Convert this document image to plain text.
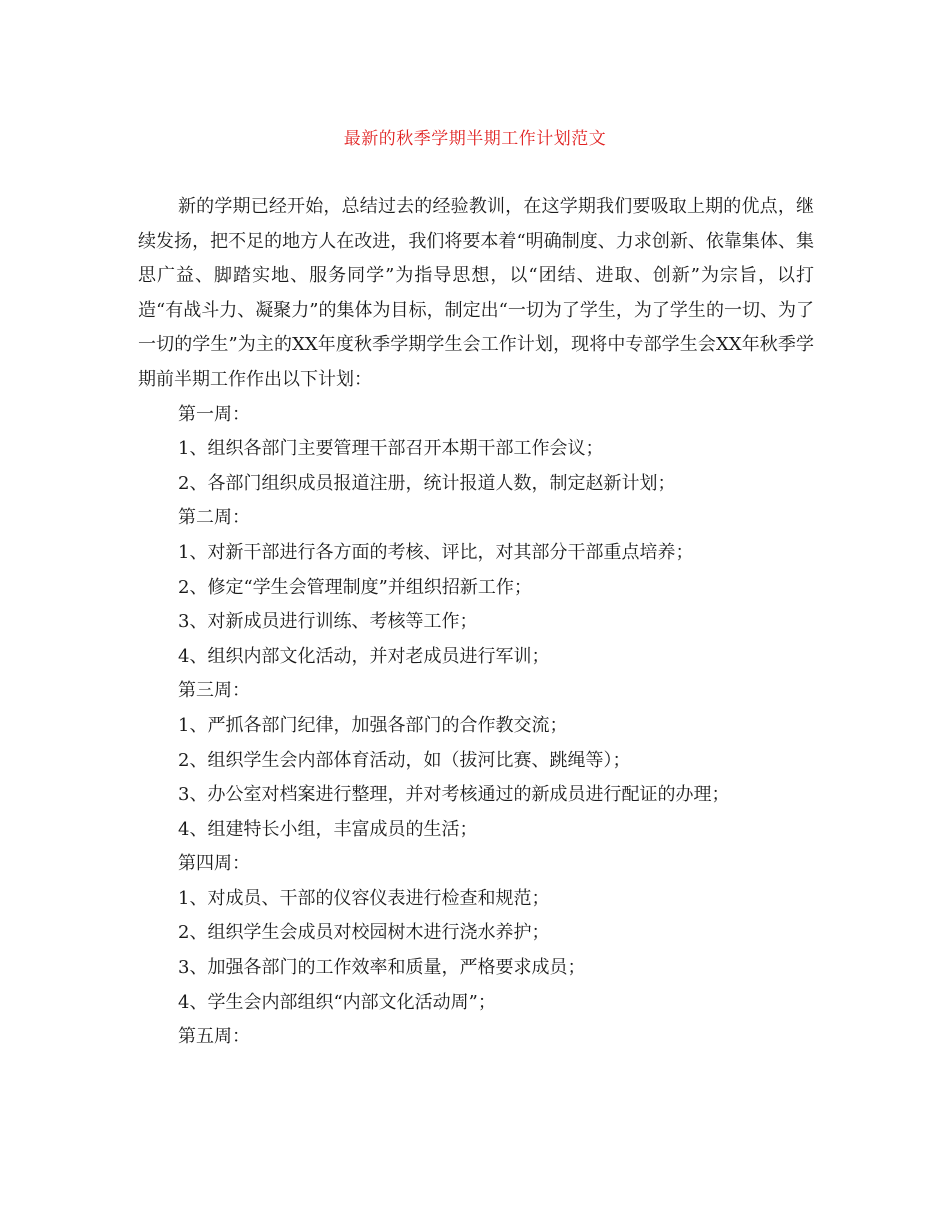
最新的秋季学期半期工作计划范文

新的学期已经开始，总结过去的经验教训，在这学期我们要吸取上期的优点，继续发扬，把不足的地方人在改进，我们将要本着“明确制度、力求创新、依靠集体、集思广益、脚踏实地、服务同学”为指导思想，以“团结、进取、创新”为宗旨，以打造“有战斗力、凝聚力”的集体为目标，制定出“一切为了学生，为了学生的一切、为了一切的学生”为主的XX年度秋季学期学生会工作计划，现将中专部学生会XX年秋季学期前半期工作作出以下计划：

第一周：
1、组织各部门主要管理干部召开本期干部工作会议；
2、各部门组织成员报道注册，统计报道人数，制定赵新计划；
第二周：
1、对新干部进行各方面的考核、评比，对其部分干部重点培养；
2、修定“学生会管理制度”并组织招新工作；
3、对新成员进行训练、考核等工作；
4、组织内部文化活动，并对老成员进行军训；
第三周：
1、严抓各部门纪律，加强各部门的合作教交流；
2、组织学生会内部体育活动，如（拔河比赛、跳绳等）；
3、办公室对档案进行整理，并对考核通过的新成员进行配证的办理；
4、组建特长小组，丰富成员的生活；
第四周：
1、对成员、干部的仪容仪表进行检查和规范；
2、组织学生会成员对校园树木进行浇水养护；
3、加强各部门的工作效率和质量，严格要求成员；
4、学生会内部组织“内部文化活动周”；
第五周：
